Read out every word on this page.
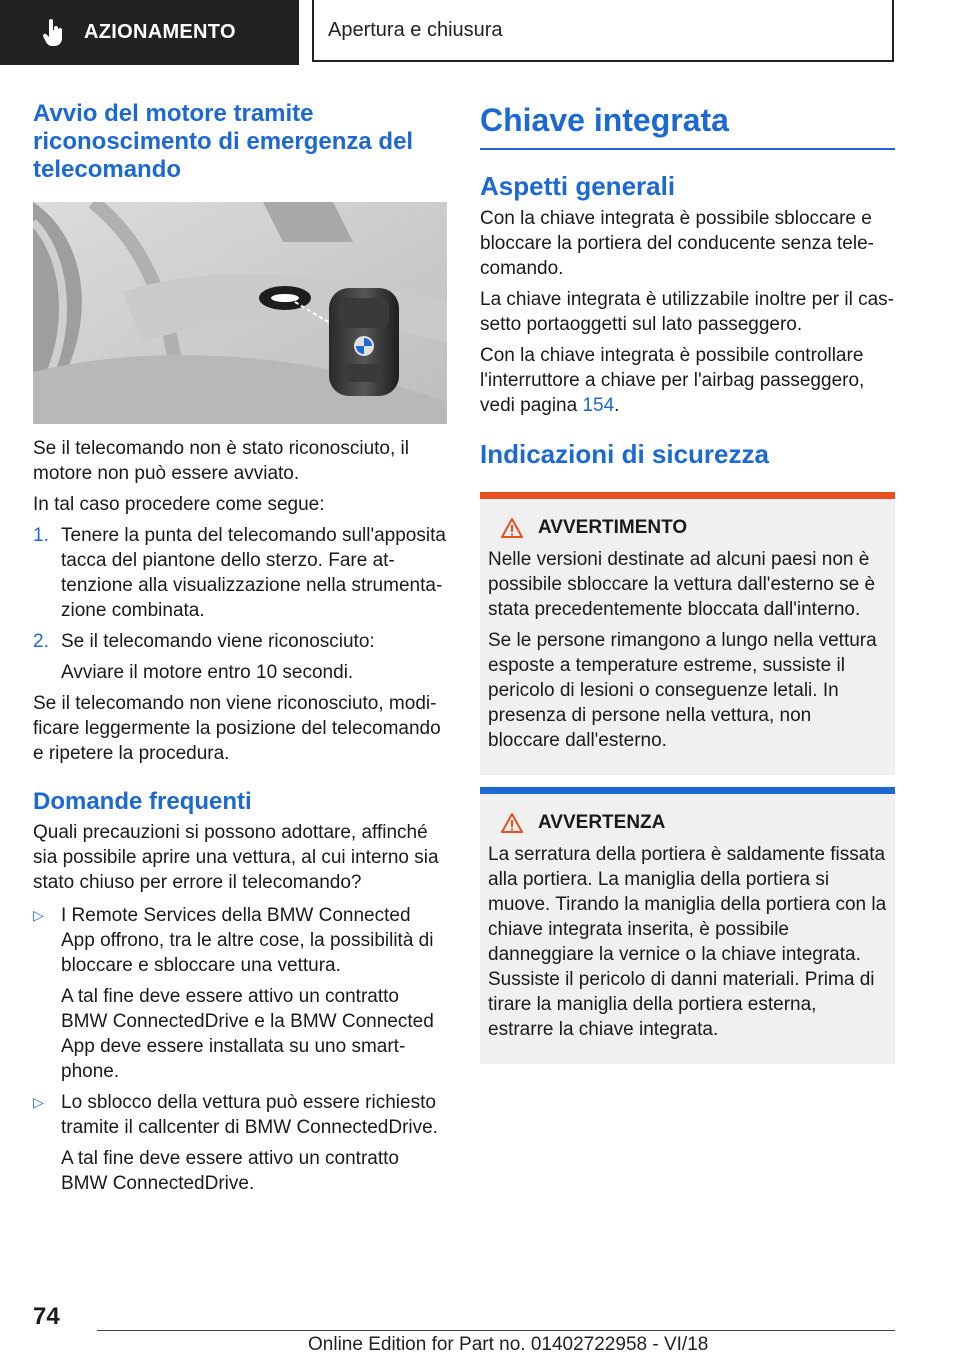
AZIONAMENTO	Apertura e chiusura
Avvio del motore tramite riconoscimento di emergenza del telecomando

Se il telecomando non è stato riconosciuto, il motore non può essere avviato.

In tal caso procedere come segue:

1. Tenere la punta del telecomando sull'apposita tacca del piantone dello sterzo. Fare attenzione alla visualizzazione nella strumentazione combinata.
2. Se il telecomando viene riconosciuto:

Avviare il motore entro 10 secondi.

Se il telecomando non viene riconosciuto, modificare leggermente la posizione del telecomando e ripetere la procedura.

Domande frequenti

Quali precauzioni si possono adottare, affinché sia possibile aprire una vettura, al cui interno sia stato chiuso per errore il telecomando?

▷ I Remote Services della BMW Connected App offrono, tra le altre cose, la possibilità di bloccare e sbloccare una vettura.

A tal fine deve essere attivo un contratto BMW ConnectedDrive e la BMW Connected App deve essere installata su uno smartphone.

▷ Lo sblocco della vettura può essere richiesto tramite il callcenter di BMW ConnectedDrive.

A tal fine deve essere attivo un contratto BMW ConnectedDrive.

Chiave integrata
Aspetti generali

Con la chiave integrata è possibile sbloccare e bloccare la portiera del conducente senza telecomando.

La chiave integrata è utilizzabile inoltre per il cassetto portaoggetti sul lato passeggero.

Con la chiave integrata è possibile controllare l'interruttore a chiave per l'airbag passeggero, vedi pagina 154.

Indicazioni di sicurezza
AVVERTIMENTO

Nelle versioni destinate ad alcuni paesi non è possibile sbloccare la vettura dall'esterno se è stata precedentemente bloccata dall'interno.

Se le persone rimangono a lungo nella vettura esposte a temperature estreme, sussiste il pericolo di lesioni o conseguenze letali. In presenza di persone nella vettura, non bloccare dall'esterno.

AVVERTENZA

La serratura della portiera è saldamente fissata alla portiera. La maniglia della portiera si muove. Tirando la maniglia della portiera con la chiave integrata inserita, è possibile danneggiare la vernice o la chiave integrata. Sussiste il pericolo di danni materiali. Prima di tirare la maniglia della portiera esterna, estrarre la chiave integrata.

74
Online Edition for Part no. 01402722958 - VI/18
